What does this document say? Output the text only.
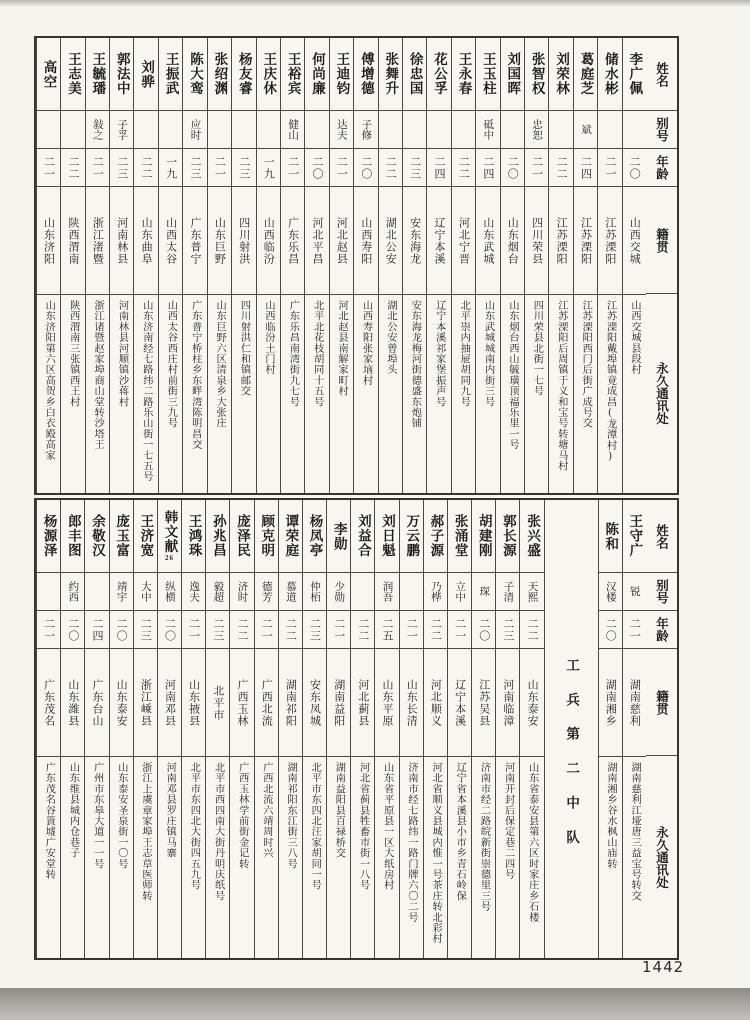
姓名
别号
年龄
籍贯
永久通讯处
李广佩
二〇
山西交城
山西交城县段村
储水彬
二一
江苏溧阳
江苏溧阳戴埠镇竟成昌(龙潭村)
葛庭芝
斌
二四
江苏溧阳
江苏溧阳西门后街广成号交
刘荣林
二二
江苏溧阳
江苏溧阳后周镇于义和宝号转塘马村
张智权
忠恕
二一
四川荣县
四川荣县北街一七号
刘国晖
二〇
山东烟台
山东烟台西山毓璜顶福乐里一号
王玉柱
砥中
二四
山东武城
山东武城城南内街三号
王永春
二二
河北宁晋
北平崇内抽屉胡同九号
花公孚
二四
辽宁本溪
辽宁本溪祁家堡振声号
徐忠国
二三
安东海龙
安东海龙梅河街德盛东炮铺
张舞升
二二
湖北公安
湖北公安曾埠头
傅增德
子修
二〇
山西寿阳
山西寿阳张家垴村
王迪钧
达夫
二一
河北赵县
河北赵县南解家町村
何尚廉
二〇
河北平昌
北平北花枝胡同十五号
王裕宾
健山
二一
广东乐昌
广东乐昌南湾街九七号
王庆休
一九
山西临汾
山西临汾土门村
杨友睿
二三
四川射洪
四川射洪仁和镇邮交
张绍渊
二一
山东巨野
山东巨野六区清泉乡大张庄
陈大鸾
应时
二三
广东普宁
广东普宁桥柱乡东畔湾陈明昌交
王振武
一九
山西太谷
山西太谷西庄村前街三九号
刘骅
二二
山东曲阜
山东济南经七路纬二路乐山街一七五号
郭法中
子孚
二三
河南林县
河南林县河顺镇沙蒋村
王毓璠
敍之
二一
浙江渚暨
浙江诸暨赵家埠商山堂转沙塔王
王志美
二二
陕西渭南
陕西渭南三张镇西王村
高空
二一
山东济阳
山东济阳第六区高贺乡白衣殿高家
姓名
别号
年龄
籍贯
永久通讯处
王守广
锐
二一
湖南慈利
湖南慈利江垭唐三益宝号转交
陈和
汉楼
二〇
湖南湘乡
湖南湘乡谷水枫山庙转
工兵第二中队
张兴盛
天熙
二二
山东泰安
山东省泰安县第六区时家庄乡石楼
郭长源
子清
二三
河南临漳
河南开封后保定巷二四号
胡建刚
琛
二〇
江苏吴县
济南市经二路皖新街崇德里三号
张涌堂
立中
二一
辽宁本溪
辽宁省本溪县小市乡青石岭保
郝子源
乃桦
二二
河北顺义
河北省顺义县城内惟一号茶庄转北彩村
万云鹏
二一
山东长清
济南市经七路纬一路门牌六〇二号
刘日魁
润吾
二五
山东平原
山东省平原县一区大纸房村
刘益合
二二
河北蓟县
河北省蓟县牲畜市街一八号
李勋
少勋
二一
湖南益阳
湖南益阳县百禄桥交
杨凤亭
仲栢
二三
安东凤城
北平市东四北汪家胡同一号
谭荣庭
慕道
二二
湖南祁阳
湖南祁阳东江街三八号
顾克明
德芳
二一
广西北流
广西北流六靖周时兴
庞泽民
济时
二二
广西玉林
广西玉林学前街金记转
孙兆昌
毅超
二三
北平市
北平市西四南大街丹明庆纸号
王鸿珠
逸夫
二一
山东掖县
北平市东四北大街四五九号
韩文献
26
纵横
二〇
河南邓县
河南邓县罗庄镇马寨
王济宽
大中
二三
浙江嵊县
浙江上虞章家埠王志草医师转
庞玉富
靖宇
二〇
山东泰安
山东泰安圣泉街一〇号
余敬汉
二四
广东台山
广州市东皋大道一一号
郎丰图
约西
二〇
山东潍县
山东维县城内仓巷子
杨源泽
二一
广东茂名
广东茂名谷篢墟广安堂转
1442
